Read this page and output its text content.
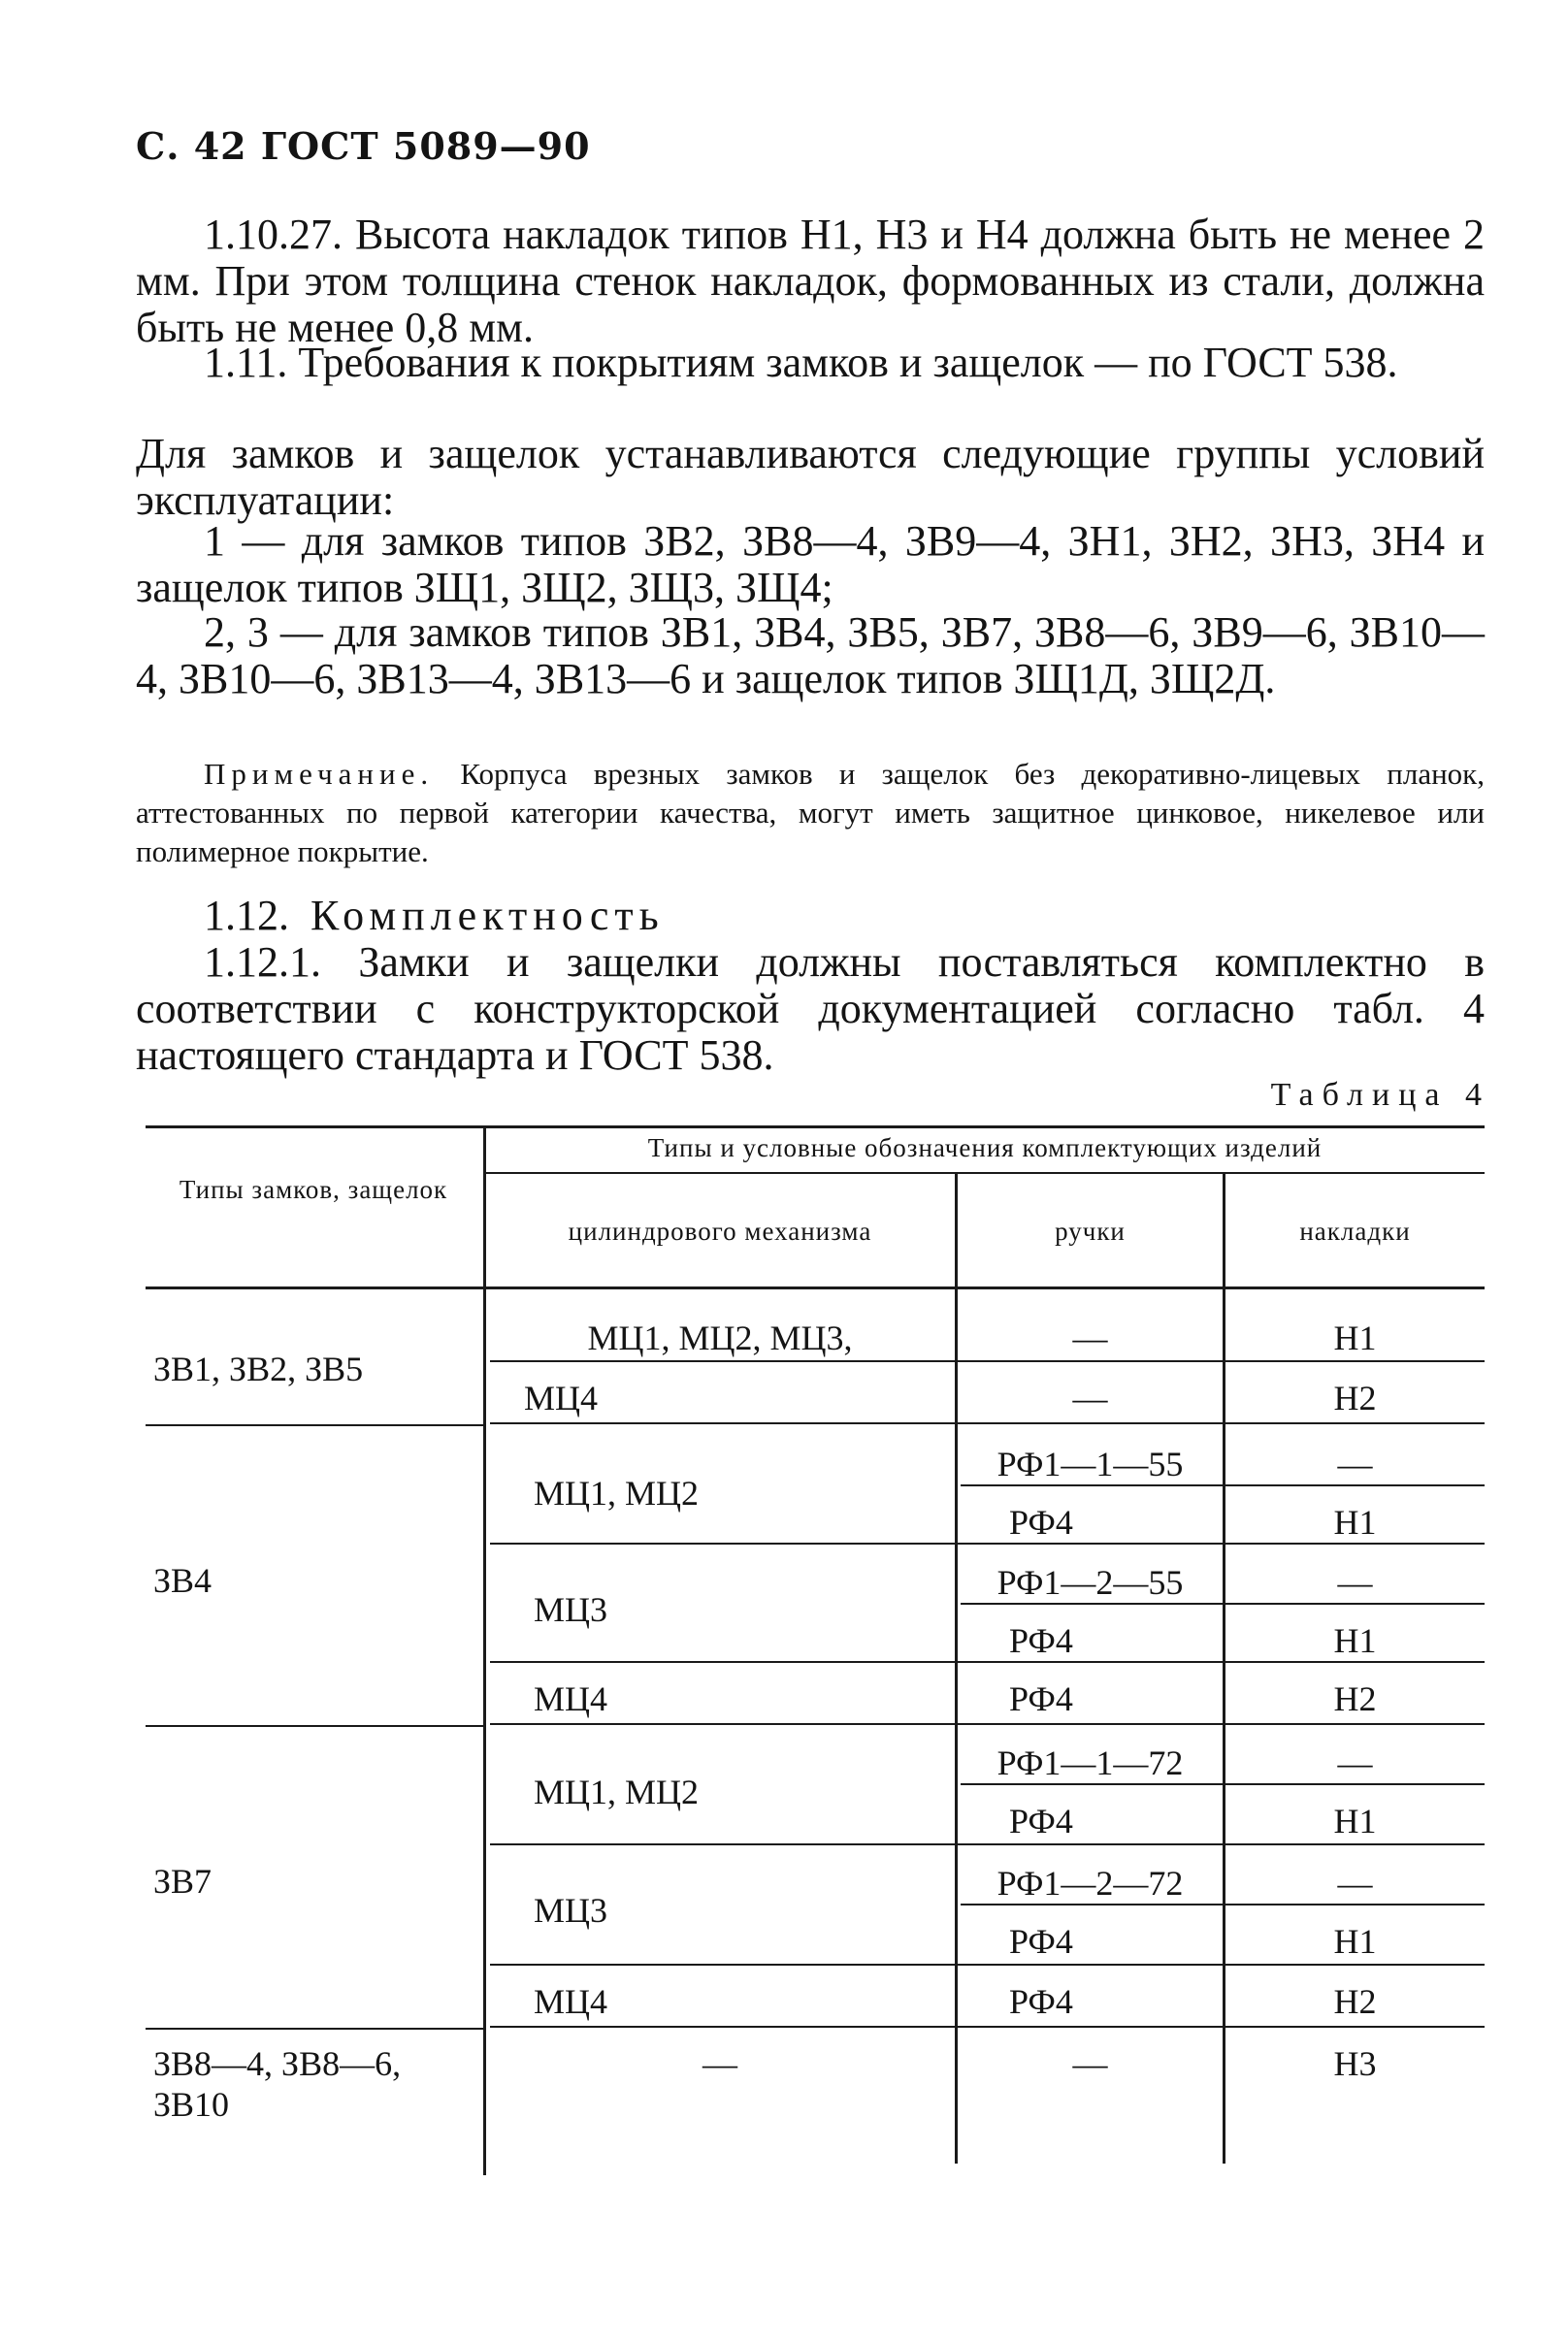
С. 42 ГОСТ 5089—90

1.10.27. Высота накладок типов Н1, Н3 и Н4 должна быть не менее 2 мм. При этом толщина стенок накладок, формованных из стали, должна быть не менее 0,8 мм.

1.11. Требования к покрытиям замков и защелок — по ГОСТ 538.

Для замков и защелок устанавливаются следующие группы условий эксплуатации:

1 — для замков типов ЗВ2, ЗВ8—4, ЗВ9—4, ЗН1, ЗН2, ЗН3, ЗН4 и защелок типов ЗЩ1, ЗЩ2, ЗЩ3, ЗЩ4;

2, 3 — для замков типов ЗВ1, ЗВ4, ЗВ5, ЗВ7, ЗВ8—6, ЗВ9—6, ЗВ10—4, ЗВ10—6, ЗВ13—4, ЗВ13—6 и защелок типов ЗЩ1Д, ЗЩ2Д.

Примечание. Корпуса врезных замков и защелок без декоративно-лицевых планок, аттестованных по первой категории качества, могут иметь защитное цинковое, никелевое или полимерное покрытие.

1.12. Комплектность

1.12.1. Замки и защелки должны поставляться комплектно в соответствии с конструкторской документацией согласно табл. 4 настоящего стандарта и ГОСТ 538.

Таблица 4
Типы замков, защелок
Типы и условные обозначения комплектующих изделий
цилиндрового механизма	ручки	накладки
ЗВ1, ЗВ2, ЗВ5
МЦ1, МЦ2, МЦ3,	—	Н1
МЦ4	—	Н2
ЗВ4
МЦ1, МЦ2
РФ1—1—55	—
РФ4	Н1
МЦ3
РФ1—2—55	—
РФ4	Н1
МЦ4	РФ4	Н2
ЗВ7
МЦ1, МЦ2
РФ1—1—72	—
РФ4	Н1
МЦ3
РФ1—2—72	—
РФ4	Н1
МЦ4	РФ4	Н2
ЗВ8—4, ЗВ8—6,
ЗВ10
—	—	Н3
